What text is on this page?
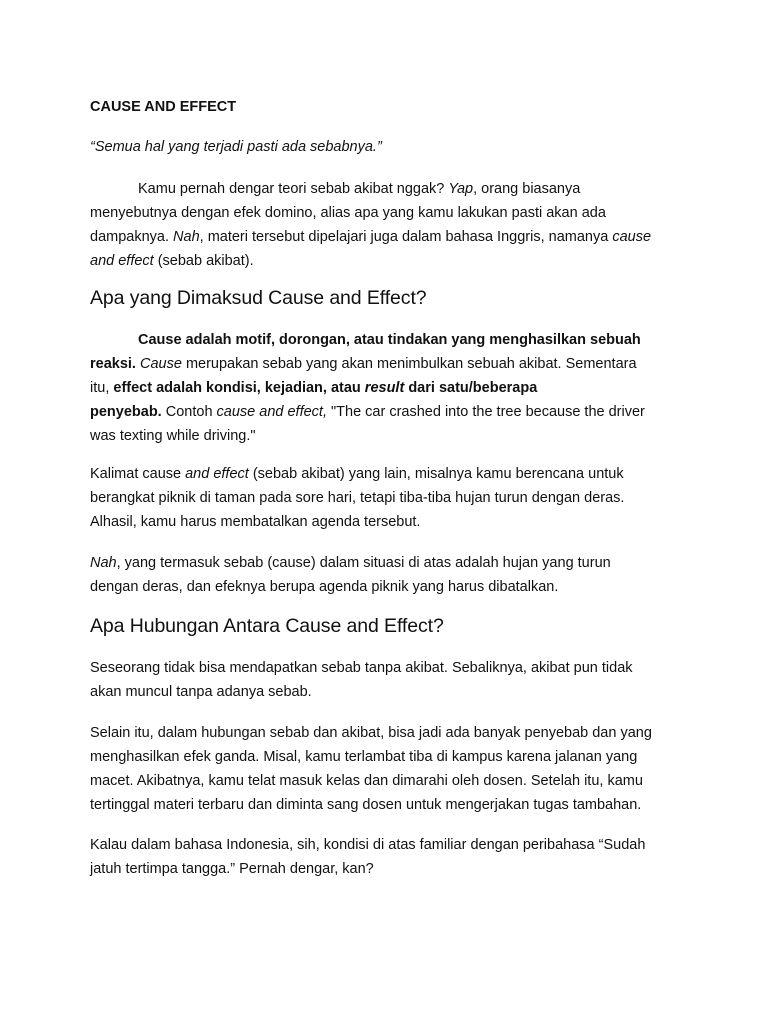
CAUSE AND EFFECT

“Semua hal yang terjadi pasti ada sebabnya.”

Kamu pernah dengar teori sebab akibat nggak? Yap, orang biasanya
menyebutnya dengan efek domino, alias apa yang kamu lakukan pasti akan ada
dampaknya. Nah, materi tersebut dipelajari juga dalam bahasa Inggris, namanya cause
and effect (sebab akibat).

Apa yang Dimaksud Cause and Effect?

Cause adalah motif, dorongan, atau tindakan yang menghasilkan sebuah
reaksi. Cause merupakan sebab yang akan menimbulkan sebuah akibat. Sementara
itu, effect adalah kondisi, kejadian, atau result dari satu/beberapa
penyebab. Contoh cause and effect, "The car crashed into the tree because the driver
was texting while driving."

Kalimat cause and effect (sebab akibat) yang lain, misalnya kamu berencana untuk
berangkat piknik di taman pada sore hari, tetapi tiba-tiba hujan turun dengan deras.
Alhasil, kamu harus membatalkan agenda tersebut.

Nah, yang termasuk sebab (cause) dalam situasi di atas adalah hujan yang turun
dengan deras, dan efeknya berupa agenda piknik yang harus dibatalkan.

Apa Hubungan Antara Cause and Effect?

Seseorang tidak bisa mendapatkan sebab tanpa akibat. Sebaliknya, akibat pun tidak
akan muncul tanpa adanya sebab.

Selain itu, dalam hubungan sebab dan akibat, bisa jadi ada banyak penyebab dan yang
menghasilkan efek ganda. Misal, kamu terlambat tiba di kampus karena jalanan yang
macet. Akibatnya, kamu telat masuk kelas dan dimarahi oleh dosen. Setelah itu, kamu
tertinggal materi terbaru dan diminta sang dosen untuk mengerjakan tugas tambahan.

Kalau dalam bahasa Indonesia, sih, kondisi di atas familiar dengan peribahasa “Sudah
jatuh tertimpa tangga.” Pernah dengar, kan?
